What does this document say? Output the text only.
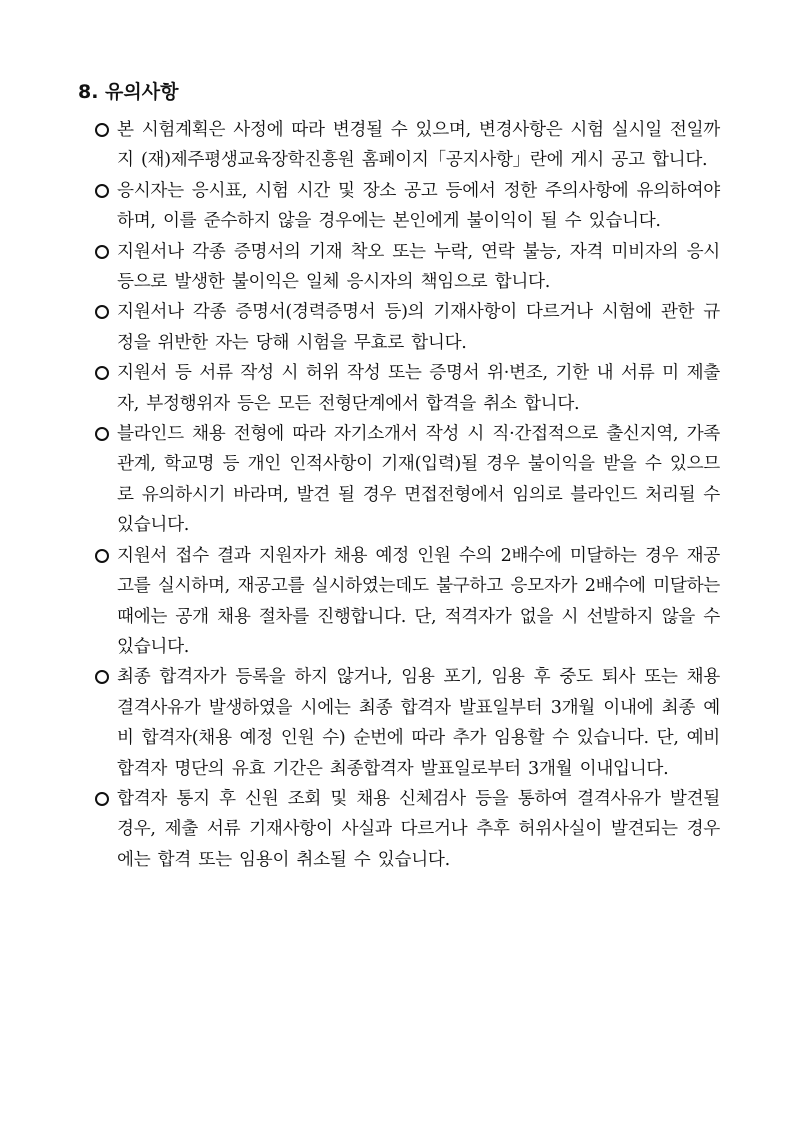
8. 유의사항
본 시험계획은 사정에 따라 변경될 수 있으며, 변경사항은 시험 실시일 전일까지 (재)제주평생교육장학진흥원 홈페이지「공지사항」란에 게시 공고 합니다.
응시자는 응시표, 시험 시간 및 장소 공고 등에서 정한 주의사항에 유의하여야 하며, 이를 준수하지 않을 경우에는 본인에게 불이익이 될 수 있습니다.
지원서나 각종 증명서의 기재 착오 또는 누락, 연락 불능, 자격 미비자의 응시 등으로 발생한 불이익은 일체 응시자의 책임으로 합니다.
지원서나 각종 증명서(경력증명서 등)의 기재사항이 다르거나 시험에 관한 규정을 위반한 자는 당해 시험을 무효로 합니다.
지원서 등 서류 작성 시 허위 작성 또는 증명서 위·변조, 기한 내 서류 미 제출자, 부정행위자 등은 모든 전형단계에서 합격을 취소 합니다.
블라인드 채용 전형에 따라 자기소개서 작성 시 직·간접적으로 출신지역, 가족관계, 학교명 등 개인 인적사항이 기재(입력)될 경우 불이익을 받을 수 있으므로 유의하시기 바라며, 발견 될 경우 면접전형에서 임의로 블라인드 처리될 수 있습니다.
지원서 접수 결과 지원자가 채용 예정 인원 수의 2배수에 미달하는 경우 재공고를 실시하며, 재공고를 실시하였는데도 불구하고 응모자가 2배수에 미달하는 때에는 공개 채용 절차를 진행합니다. 단, 적격자가 없을 시 선발하지 않을 수 있습니다.
최종 합격자가 등록을 하지 않거나, 임용 포기, 임용 후 중도 퇴사 또는 채용 결격사유가 발생하였을 시에는 최종 합격자 발표일부터 3개월 이내에 최종 예비 합격자(채용 예정 인원 수) 순번에 따라 추가 임용할 수 있습니다. 단, 예비 합격자 명단의 유효 기간은 최종합격자 발표일로부터 3개월 이내입니다.
합격자 통지 후 신원 조회 및 채용 신체검사 등을 통하여 결격사유가 발견될 경우, 제출 서류 기재사항이 사실과 다르거나 추후 허위사실이 발견되는 경우에는 합격 또는 임용이 취소될 수 있습니다.
